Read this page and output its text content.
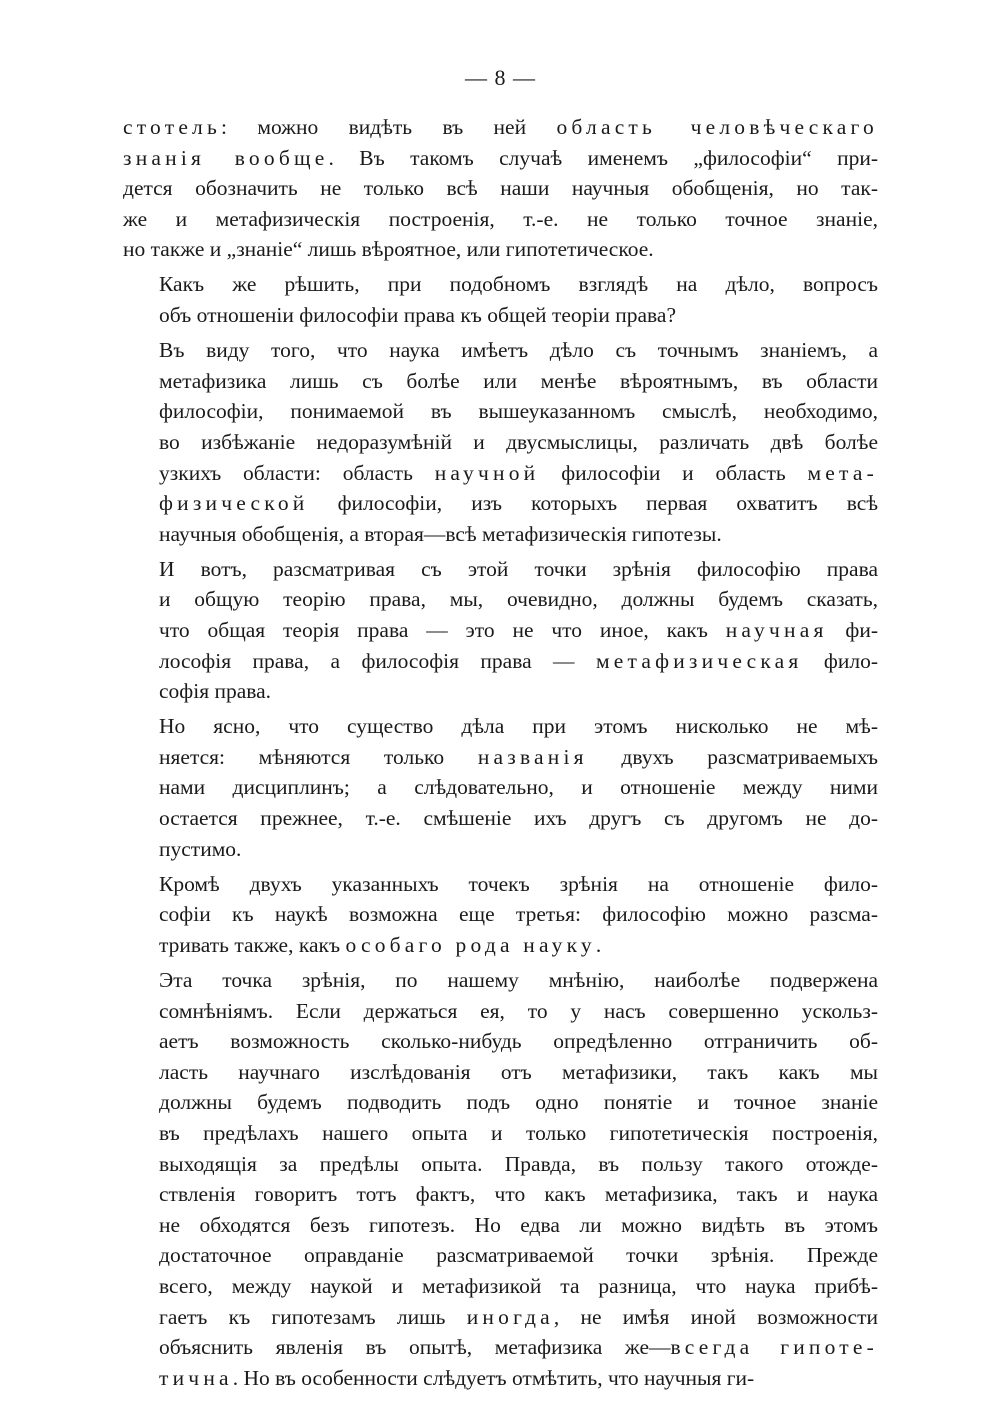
— 8 —
стотель: можно видѣть въ ней область человѣческаго
знанія вообще. Въ такомъ случаѣ именемъ „философіи“ при-
дется обозначить не только всѣ наши научныя обобщенія, но так-
же и метафизическія построенія, т.-е. не только точное знаніе,
но также и „знаніе“ лишь вѣроятное, или гипотетическое.
Какъ же рѣшить, при подобномъ взглядѣ на дѣло, вопросъ
объ отношеніи философіи права къ общей теоріи права?
Въ виду того, что наука имѣетъ дѣло съ точнымъ знаніемъ, а
метафизика лишь съ болѣе или менѣе вѣроятнымъ, въ области
философіи, понимаемой въ вышеуказанномъ смыслѣ, необходимо,
во избѣжаніе недоразумѣній и двусмыслицы, различать двѣ болѣе
узкихъ области: область научной философіи и область мета-
физической философіи, изъ которыхъ первая охватитъ всѣ
научныя обобщенія, а вторая—всѣ метафизическія гипотезы.
И вотъ, разсматривая съ этой точки зрѣнія философію права
и общую теорію права, мы, очевидно, должны будемъ сказать,
что общая теорія права — это не что иное, какъ научная фи-
лософія права, а философія права — метафизическая фило-
софія права.
Но ясно, что существо дѣла при этомъ нисколько не мѣ-
няется: мѣняются только названія двухъ разсматриваемыхъ
нами дисциплинъ; а слѣдовательно, и отношеніе между ними
остается прежнее, т.-е. смѣшеніе ихъ другъ съ другомъ не до-
пустимо.
Кромѣ двухъ указанныхъ точекъ зрѣнія на отношеніе фило-
софіи къ наукѣ возможна еще третья: философію можно разсма-
тривать также, какъ особаго рода науку.
Эта точка зрѣнія, по нашему мнѣнію, наиболѣе подвержена
сомнѣніямъ. Если держаться ея, то у насъ совершенно ускольз-
аетъ возможность сколько-нибудь опредѣленно отграничить об-
ласть научнаго изслѣдованія отъ метафизики, такъ какъ мы
должны будемъ подводить подъ одно понятіе и точное знаніе
въ предѣлахъ нашего опыта и только гипотетическія построенія,
выходящія за предѣлы опыта. Правда, въ пользу такого отожде-
ствленія говоритъ тотъ фактъ, что какъ метафизика, такъ и наука
не обходятся безъ гипотезъ. Но едва ли можно видѣть въ этомъ
достаточное оправданіе разсматриваемой точки зрѣнія. Прежде
всего, между наукой и метафизикой та разница, что наука прибѣ-
гаетъ къ гипотезамъ лишь иногда, не имѣя иной возможности
объяснить явленія въ опытѣ, метафизика же—всегда гипоте-
тична. Но въ особенности слѣдуетъ отмѣтить, что научныя ги-
